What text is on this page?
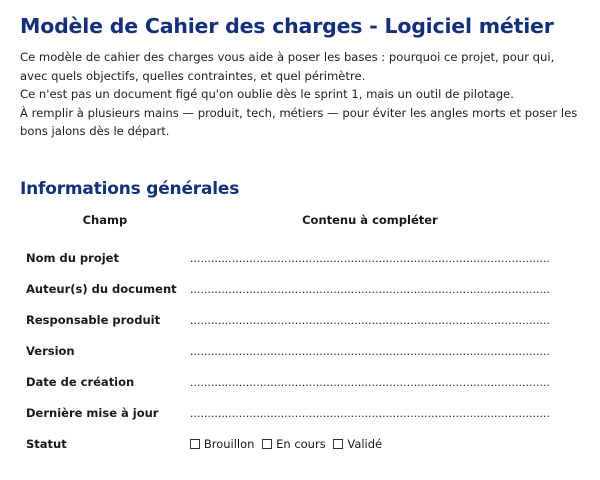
Modèle de Cahier des charges - Logiciel métier

Ce modèle de cahier des charges vous aide à poser les bases : pourquoi ce projet, pour qui,

avec quels objectifs, quelles contraintes, et quel périmètre.

Ce n'est pas un document figé qu'on oublie dès le sprint 1, mais un outil de pilotage.

À remplir à plusieurs mains — produit, tech, métiers — pour éviter les angles morts et poser les

bons jalons dès le départ.

Informations générales
Champ	Contenu à compléter
Nom du projet	.......................................................................................................
Auteur(s) du document	.......................................................................................................
Responsable produit	.......................................................................................................
Version	.......................................................................................................
Date de création	.......................................................................................................
Dernière mise à jour	.......................................................................................................
Statut	Brouillon En cours Validé
